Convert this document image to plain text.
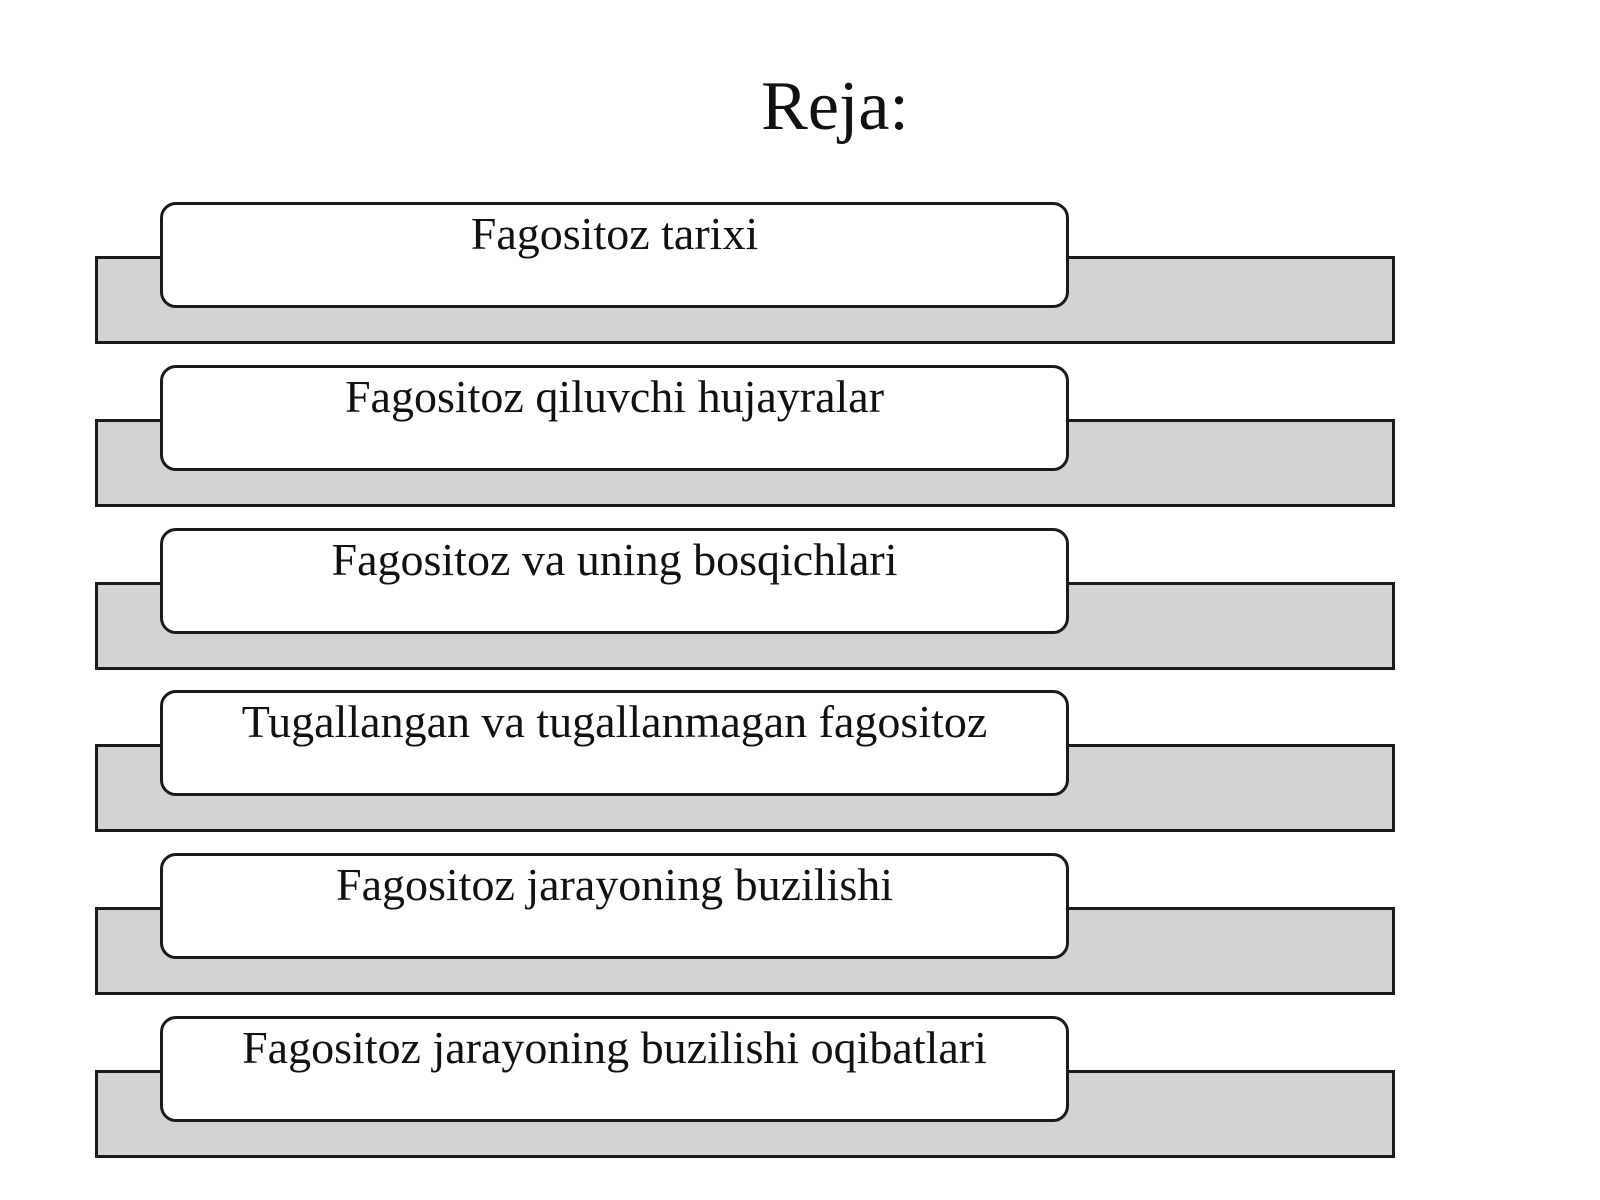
Reja:
Fagositoz tarixi
Fagositoz qiluvchi hujayralar
Fagositoz va uning bosqichlari
Tugallangan va tugallanmagan fagositoz
Fagositoz jarayoning buzilishi
Fagositoz jarayoning buzilishi oqibatlari
